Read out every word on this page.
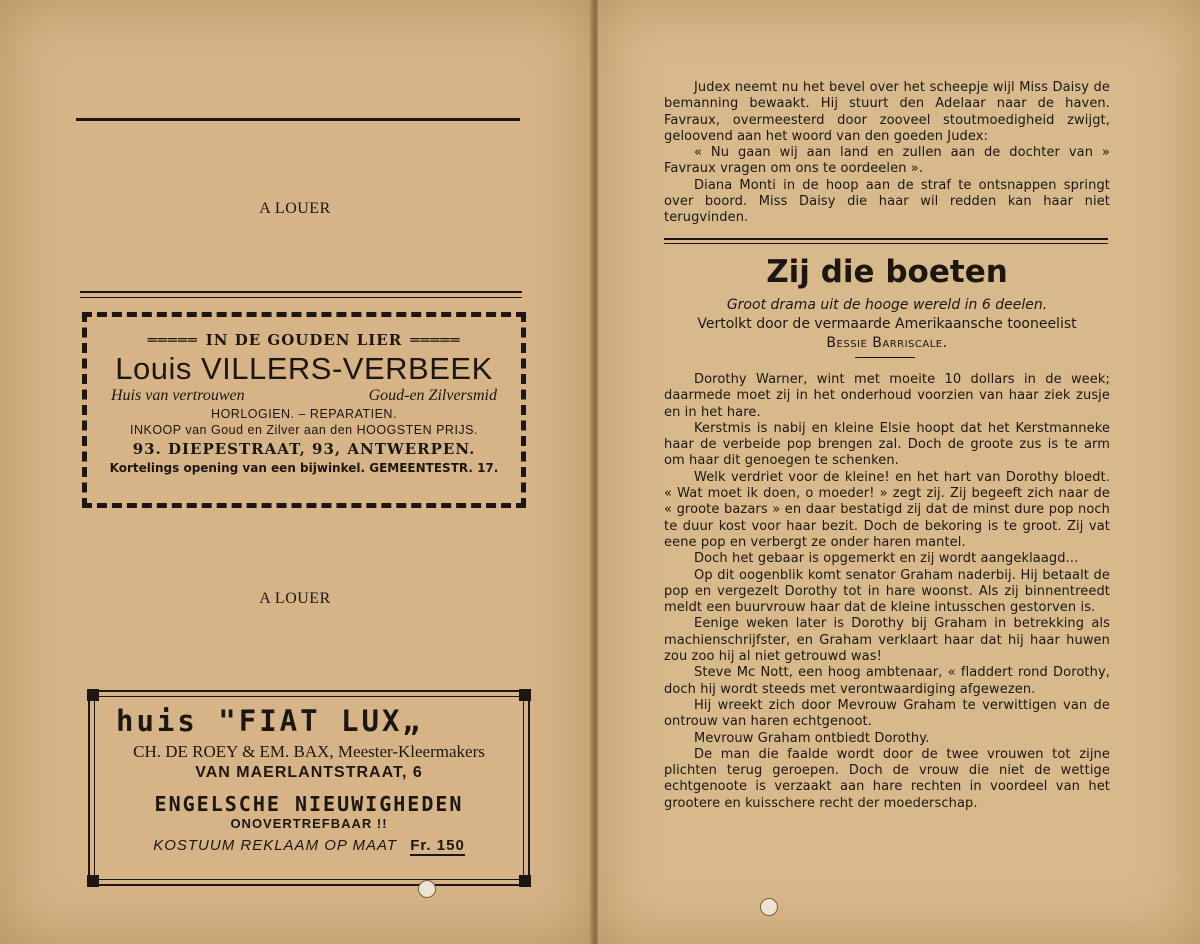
A LOUER
═════ IN DE GOUDEN LIER ═════
Louis VILLERS-VERBEEK
Huis van vertrouwen	Goud-en Zilversmid
HORLOGIEN. – REPARATIEN.
INKOOP van Goud en Zilver aan den HOOGSTEN PRIJS.
93. DIEPESTRAAT, 93, ANTWERPEN.
Kortelings opening van een bijwinkel. GEMEENTESTR. 17.
A LOUER
huis "FIAT LUX„
CH. DE ROEY & EM. BAX, Meester-Kleermakers
VAN MAERLANTSTRAAT, 6
ENGELSCHE NIEUWIGHEDEN
ONOVERTREFBAAR !!
KOSTUUM REKLAAM OP MAAT Fr. 150

Judex neemt nu het bevel over het scheepje wijl Miss Daisy de bemanning bewaakt. Hij stuurt den Adelaar naar de haven. Favraux, overmeesterd door zooveel stoutmoedigheid zwijgt, geloovend aan het woord van den goeden Judex:

« Nu gaan wij aan land en zullen aan de dochter van » Favraux vragen om ons te oordeelen ».

Diana Monti in de hoop aan de straf te ontsnappen springt over boord. Miss Daisy die haar wil redden kan haar niet terugvinden.

Zij die boeten
Groot drama uit de hooge wereld in 6 deelen.
Vertolkt door de vermaarde Amerikaansche tooneelist
Bessie Barriscale.

Dorothy Warner, wint met moeite 10 dollars in de week; daarmede moet zij in het onderhoud voorzien van haar ziek zusje en in het hare.

Kerstmis is nabij en kleine Elsie hoopt dat het Kerstmanneke haar de verbeide pop brengen zal. Doch de groote zus is te arm om haar dit genoegen te schenken.

Welk verdriet voor de kleine! en het hart van Dorothy bloedt. « Wat moet ik doen, o moeder! » zegt zij. Zij begeeft zich naar de « groote bazars » en daar bestatigd zij dat de minst dure pop noch te duur kost voor haar bezit. Doch de bekoring is te groot. Zij vat eene pop en verbergt ze onder haren mantel.

Doch het gebaar is opgemerkt en zij wordt aangeklaagd...

Op dit oogenblik komt senator Graham naderbij. Hij betaalt de pop en vergezelt Dorothy tot in hare woonst. Als zij binnentreedt meldt een buurvrouw haar dat de kleine intusschen gestorven is.

Eenige weken later is Dorothy bij Graham in betrekking als machienschrijfster, en Graham verklaart haar dat hij haar huwen zou zoo hij al niet getrouwd was!

Steve Mc Nott, een hoog ambtenaar, « fladdert rond Dorothy, doch hij wordt steeds met verontwaardiging afgewezen.

Hij wreekt zich door Mevrouw Graham te verwittigen van de ontrouw van haren echtgenoot.

Mevrouw Graham ontbiedt Dorothy.

De man die faalde wordt door de twee vrouwen tot zijne plichten terug geroepen. Doch de vrouw die niet de wettige echtgenoote is verzaakt aan hare rechten in voordeel van het grootere en kuisschere recht der moederschap.
